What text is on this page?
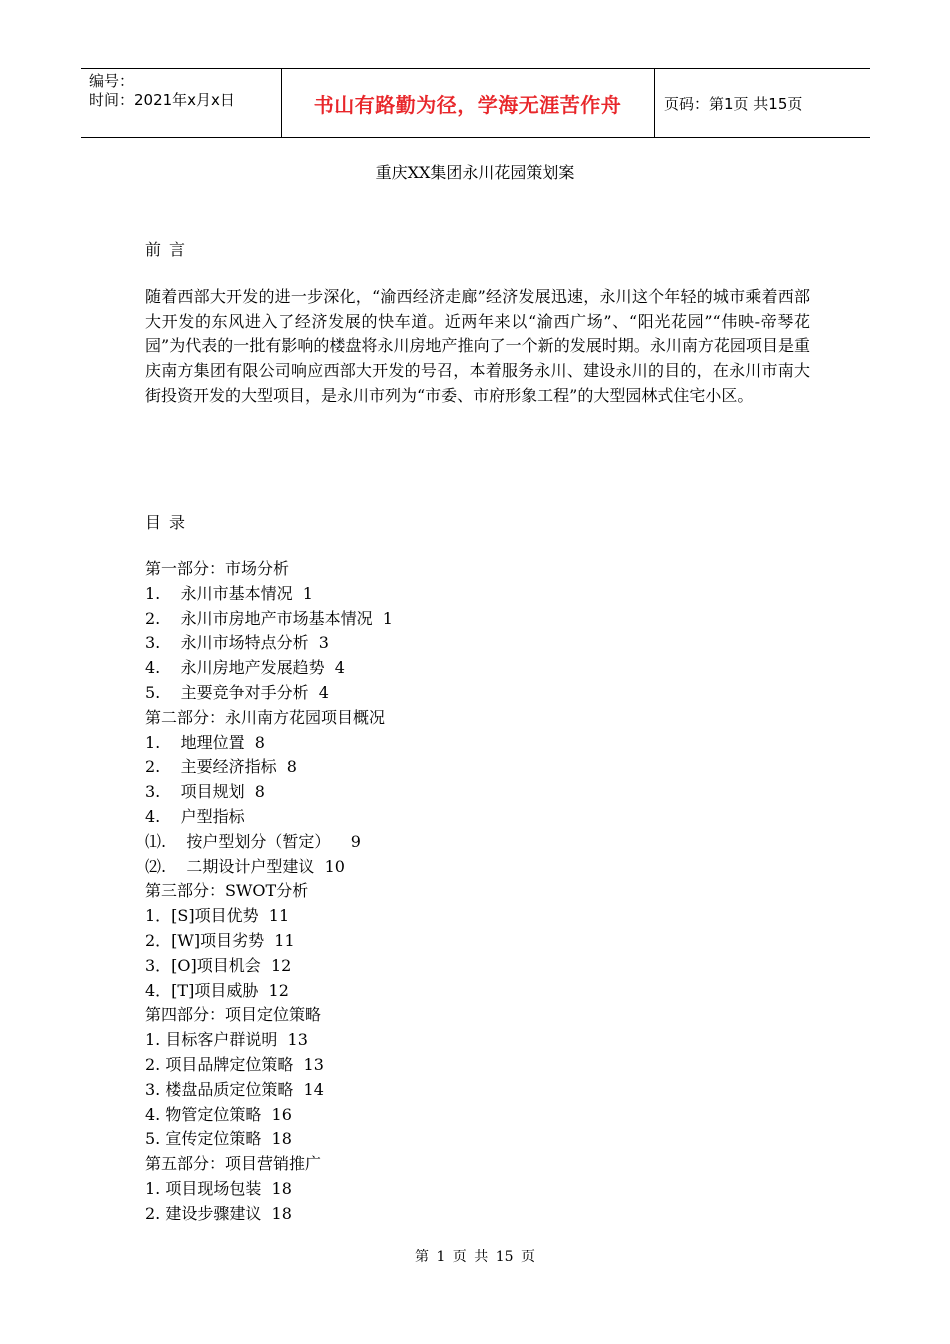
编号：
时间：2021年x月x日	书山有路勤为径，学海无涯苦作舟	页码：第1页 共15页
重庆XX集团永川花园策划案
前言
随着西部大开发的进一步深化，“渝西经济走廊”经济发展迅速，永川这个年轻的城市乘着西部大开发的东风进入了经济发展的快车道。近两年来以“渝西广场”、“阳光花园”“伟映-帝琴花园”为代表的一批有影响的楼盘将永川房地产推向了一个新的发展时期。永川南方花园项目是重庆南方集团有限公司响应西部大开发的号召，本着服务永川、建设永川的目的，在永川市南大街投资开发的大型项目，是永川市列为“市委、市府形象工程”的大型园林式住宅小区。
目录
第一部分：市场分析
1.    永川市基本情况  1
2.    永川市房地产市场基本情况  1
3.    永川市场特点分析  3
4.    永川房地产发展趋势  4
5.    主要竞争对手分析  4
第二部分：永川南方花园项目概况
1.    地理位置  8
2.    主要经济指标  8
3.    项目规划  8
4.    户型指标
⑴.    按户型划分（暂定）    9
⑵.    二期设计户型建议  10
第三部分：SWOT分析
1．[S]项目优势  11
2．[W]项目劣势  11
3．[O]项目机会  12
4．[T]项目威胁  12
第四部分：项目定位策略
1. 目标客户群说明  13
2. 项目品牌定位策略  13
3. 楼盘品质定位策略  14
4. 物管定位策略  16
5. 宣传定位策略  18
第五部分：项目营销推广
1. 项目现场包装  18
2. 建设步骤建议  18
第 1 页 共 15 页
